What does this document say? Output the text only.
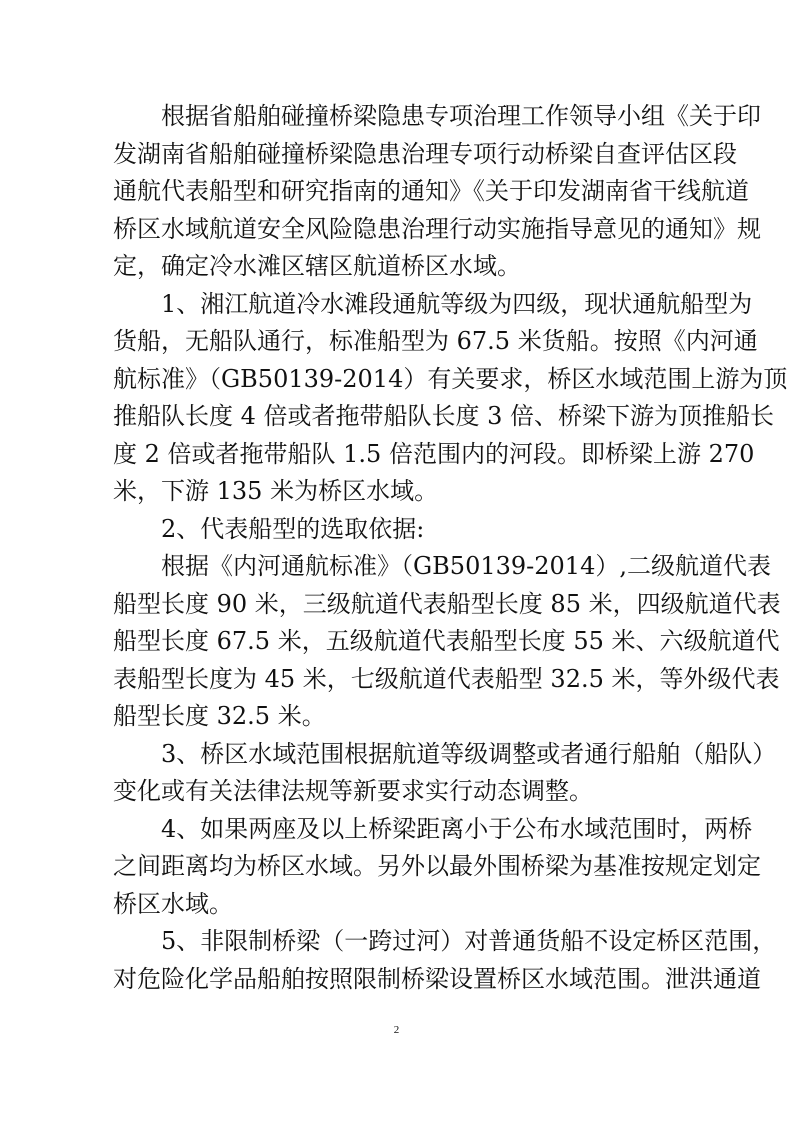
根据省船舶碰撞桥梁隐患专项治理工作领导小组《关于印
发湖南省船舶碰撞桥梁隐患治理专项行动桥梁自查评估区段
通航代表船型和研究指南的通知》《关于印发湖南省干线航道
桥区水域航道安全风险隐患治理行动实施指导意见的通知》规
定，确定冷水滩区辖区航道桥区水域。
1、湘江航道冷水滩段通航等级为四级，现状通航船型为
货船，无船队通行，标准船型为 67.5 米货船。按照《内河通
航标准》（GB50139-2014）有关要求，桥区水域范围上游为顶
推船队长度 4 倍或者拖带船队长度 3 倍、桥梁下游为顶推船长
度 2 倍或者拖带船队 1.5 倍范围内的河段。即桥梁上游 270
米，下游 135 米为桥区水域。
2、代表船型的选取依据:
根据《内河通航标准》（GB50139-2014）,二级航道代表
船型长度 90 米，三级航道代表船型长度 85 米，四级航道代表
船型长度 67.5 米，五级航道代表船型长度 55 米、六级航道代
表船型长度为 45 米，七级航道代表船型 32.5 米，等外级代表
船型长度 32.5 米。
3、桥区水域范围根据航道等级调整或者通行船舶（船队）
变化或有关法律法规等新要求实行动态调整。
4、如果两座及以上桥梁距离小于公布水域范围时，两桥
之间距离均为桥区水域。另外以最外围桥梁为基准按规定划定
桥区水域。
5、非限制桥梁（一跨过河）对普通货船不设定桥区范围，
对危险化学品船舶按照限制桥梁设置桥区水域范围。泄洪通道
2
